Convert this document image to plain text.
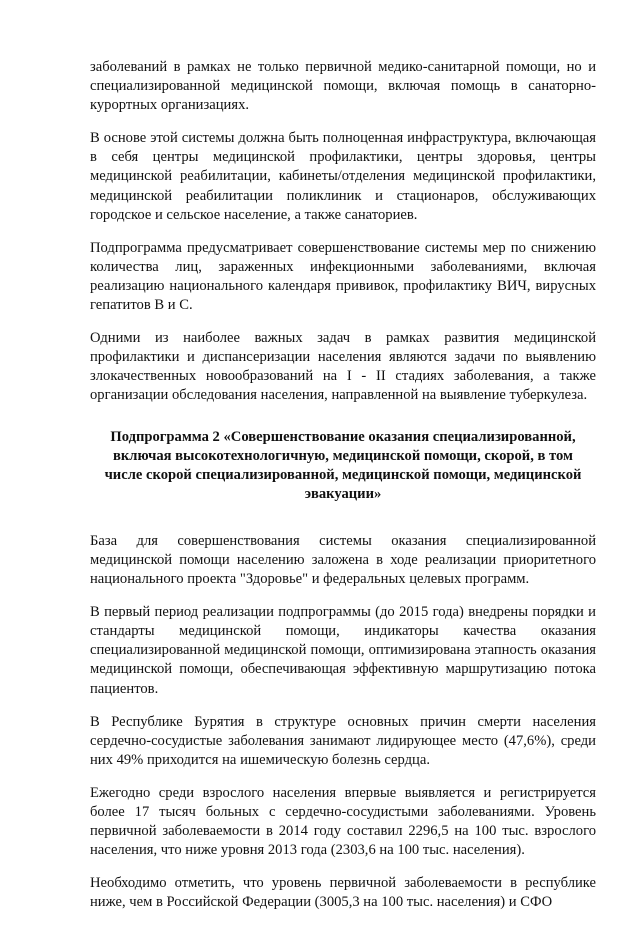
заболеваний в рамках не только первичной медико-санитарной помощи, но и специализированной медицинской помощи, включая помощь в санаторно-курортных организациях.

В основе этой системы должна быть полноценная инфраструктура, включающая в себя центры медицинской профилактики, центры здоровья, центры медицинской реабилитации, кабинеты/отделения медицинской профилактики, медицинской реабилитации поликлиник и стационаров, обслуживающих городское и сельское население, а также санаториев.

Подпрограмма предусматривает совершенствование системы мер по снижению количества лиц, зараженных инфекционными заболеваниями, включая реализацию национального календаря прививок, профилактику ВИЧ, вирусных гепатитов B и C.

Одними из наиболее важных задач в рамках развития медицинской профилактики и диспансеризации населения являются задачи по выявлению злокачественных новообразований на I - II стадиях заболевания, а также организации обследования населения, направленной на выявление туберкулеза.

Подпрограмма 2 «Совершенствование оказания специализированной, включая высокотехнологичную, медицинской помощи, скорой, в том числе скорой специализированной, медицинской помощи, медицинской эвакуации»

База для совершенствования системы оказания специализированной медицинской помощи населению заложена в ходе реализации приоритетного национального проекта "Здоровье" и федеральных целевых программ.

В первый период реализации подпрограммы (до 2015 года) внедрены порядки и стандарты медицинской помощи, индикаторы качества оказания специализированной медицинской помощи, оптимизирована этапность оказания медицинской помощи, обеспечивающая эффективную маршрутизацию потока пациентов.

В Республике Бурятия в структуре основных причин смерти населения сердечно-сосудистые заболевания занимают лидирующее место (47,6%), среди них 49% приходится на ишемическую болезнь сердца.

Ежегодно среди взрослого населения впервые выявляется и регистрируется более 17 тысяч больных с сердечно-сосудистыми заболеваниями. Уровень первичной заболеваемости в 2014 году составил 2296,5 на 100 тыс. взрослого населения, что ниже уровня 2013 года (2303,6 на 100 тыс. населения).

Необходимо отметить, что уровень первичной заболеваемости в республике ниже, чем в Российской Федерации (3005,3 на 100 тыс. населения) и СФО
